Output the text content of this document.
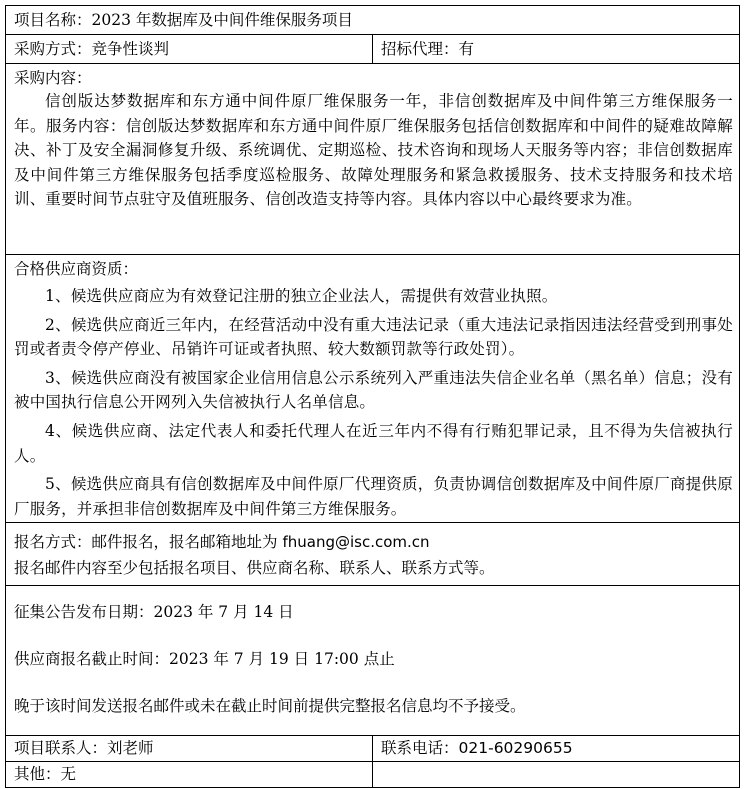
项目名称： 2023 年数据库及中间件维保服务项目
采购方式： 竞争性谈判	招标代理： 有

采购内容：

信创版达梦数据库和东方通中间件原厂维保服务一年，非信创数据库及中间件第三方维保服务一年。服务内容：信创版达梦数据库和东方通中间件原厂维保服务包括信创数据库和中间件的疑难故障解决、补丁及安全漏洞修复升级、系统调优、定期巡检、技术咨询和现场人天服务等内容；非信创数据库及中间件第三方维保服务包括季度巡检服务、故障处理服务和紧急救援服务、技术支持服务和技术培训、重要时间节点驻守及值班服务、信创改造支持等内容。具体内容以中心最终要求为准。

合格供应商资质：

1、候选供应商应为有效登记注册的独立企业法人，需提供有效营业执照。

2、候选供应商近三年内，在经营活动中没有重大违法记录（重大违法记录指因违法经营受到刑事处罚或者责令停产停业、吊销许可证或者执照、较大数额罚款等行政处罚）。

3、候选供应商没有被国家企业信用信息公示系统列入严重违法失信企业名单（黑名单）信息；没有被中国执行信息公开网列入失信被执行人名单信息。

4、候选供应商、法定代表人和委托代理人在近三年内不得有行贿犯罪记录，且不得为失信被执行人。

5、候选供应商具有信创数据库及中间件原厂代理资质，负责协调信创数据库及中间件原厂商提供原厂服务，并承担非信创数据库及中间件第三方维保服务。

报名方式：邮件报名，报名邮箱地址为 fhuang@isc.com.cn

报名邮件内容至少包括报名项目、供应商名称、联系人、联系方式等。

征集公告发布日期：2023 年 7 月 14 日

供应商报名截止时间：2023 年 7 月 19 日 17:00 点止

晚于该时间发送报名邮件或未在截止时间前提供完整报名信息均不予接受。

项目联系人： 刘老师	联系电话： 021-60290655
其他： 无
